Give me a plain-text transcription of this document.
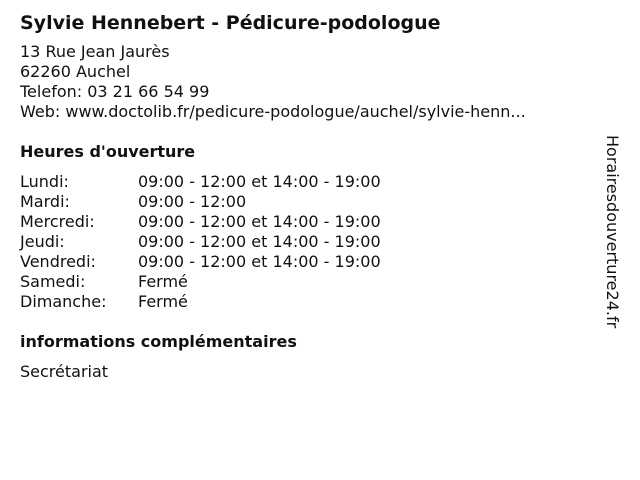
Sylvie Hennebert - Pédicure-podologue
13 Rue Jean Jaurès
62260 Auchel
Telefon: 03 21 66 54 99
Web: www.doctolib.fr/pedicure-podologue/auchel/sylvie-henn...
Heures d'ouverture
Lundi:	09:00 - 12:00 et 14:00 - 19:00
Mardi:	09:00 - 12:00
Mercredi:	09:00 - 12:00 et 14:00 - 19:00
Jeudi:	09:00 - 12:00 et 14:00 - 19:00
Vendredi:	09:00 - 12:00 et 14:00 - 19:00
Samedi:	Fermé
Dimanche:	Fermé
informations complémentaires
Secrétariat
Horairesdouverture24.fr
